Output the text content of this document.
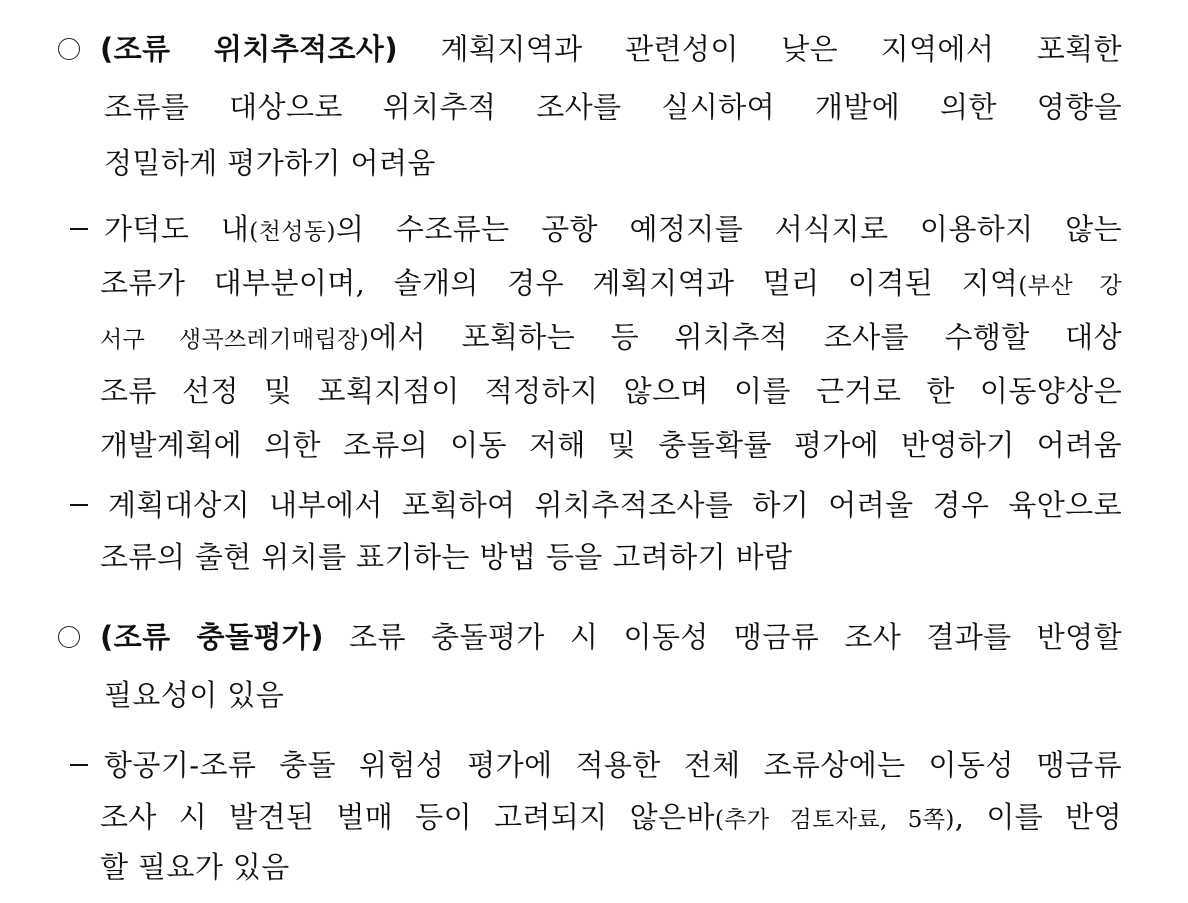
(조류 위치추적조사) 계획지역과 관련성이 낮은 지역에서 포획한
조류를 대상으로 위치추적 조사를 실시하여 개발에 의한 영향을
정밀하게 평가하기 어려움
가덕도 내(천성동)의 수조류는 공항 예정지를 서식지로 이용하지 않는
조류가 대부분이며, 솔개의 경우 계획지역과 멀리 이격된 지역(부산 강
서구 생곡쓰레기매립장)에서 포획하는 등 위치추적 조사를 수행할 대상
조류 선정 및 포획지점이 적정하지 않으며 이를 근거로 한 이동양상은
개발계획에 의한 조류의 이동 저해 및 충돌확률 평가에 반영하기 어려움
계획대상지 내부에서 포획하여 위치추적조사를 하기 어려울 경우 육안으로
조류의 출현 위치를 표기하는 방법 등을 고려하기 바람
(조류 충돌평가) 조류 충돌평가 시 이동성 맹금류 조사 결과를 반영할
필요성이 있음
항공기-조류 충돌 위험성 평가에 적용한 전체 조류상에는 이동성 맹금류
조사 시 발견된 벌매 등이 고려되지 않은바(추가 검토자료, 5쪽), 이를 반영
할 필요가 있음
